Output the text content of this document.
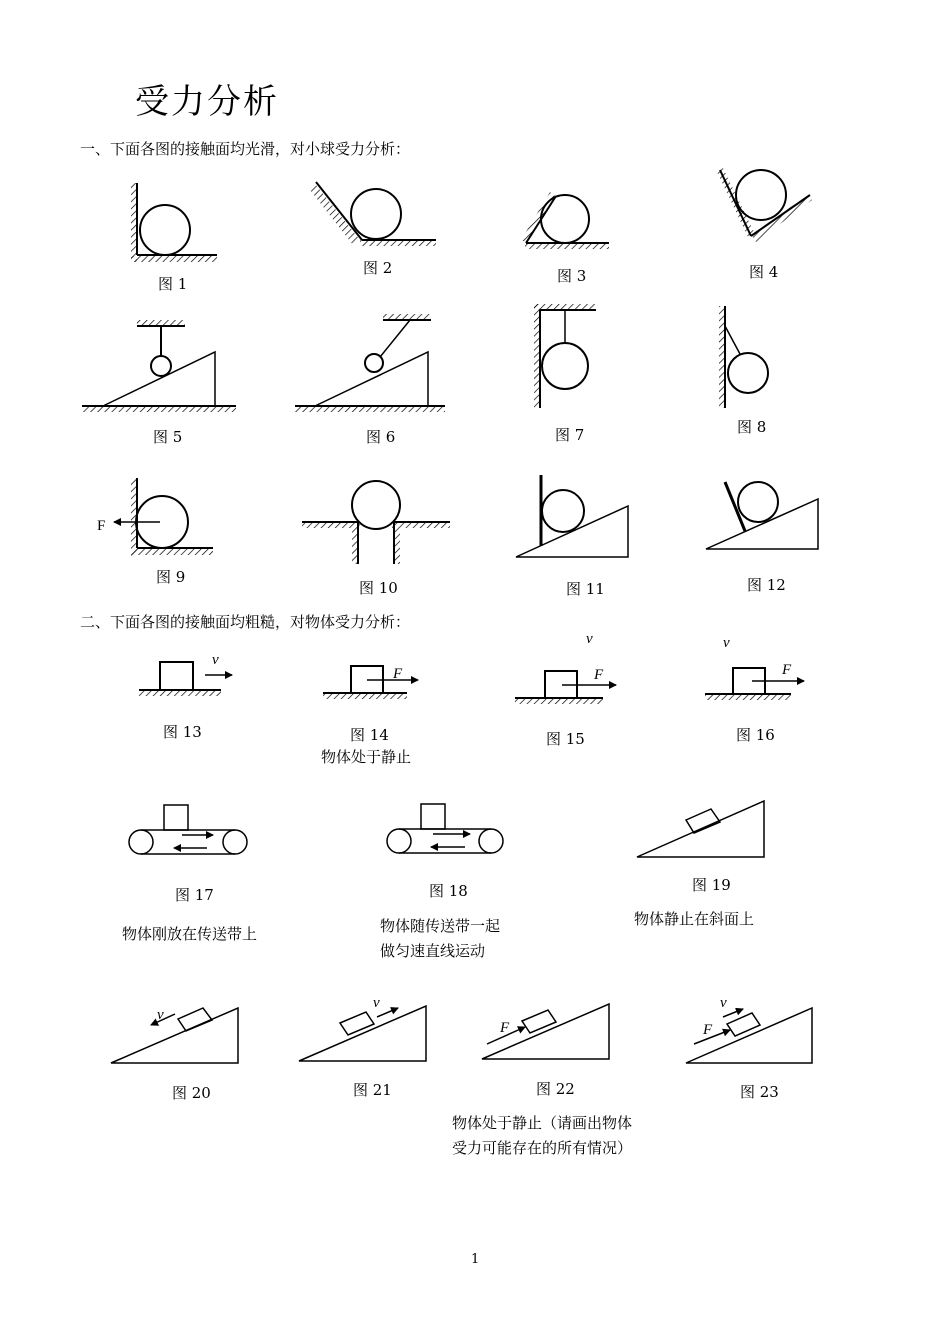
受力分析
一、下面各图的接触面均光滑，对小球受力分析：
二、下面各图的接触面均粗糙，对物体受力分析：
F
v
F
v
F
v
F
v
v
F
v
F
图 1
图 2	图 3	图 4
图 5	图 6	图 7	图 8
图 9
图 10	图 11	图 12
图 13	图 14	图 15	图 16
图 17	图 18	图 19
图 20	图 21	图 22	图 23
物体处于静止
物体刚放在传送带上	物体随传送带一起
做匀速直线运动
物体静止在斜面上
物体处于静止（请画出物体
受力可能存在的所有情况）
1
